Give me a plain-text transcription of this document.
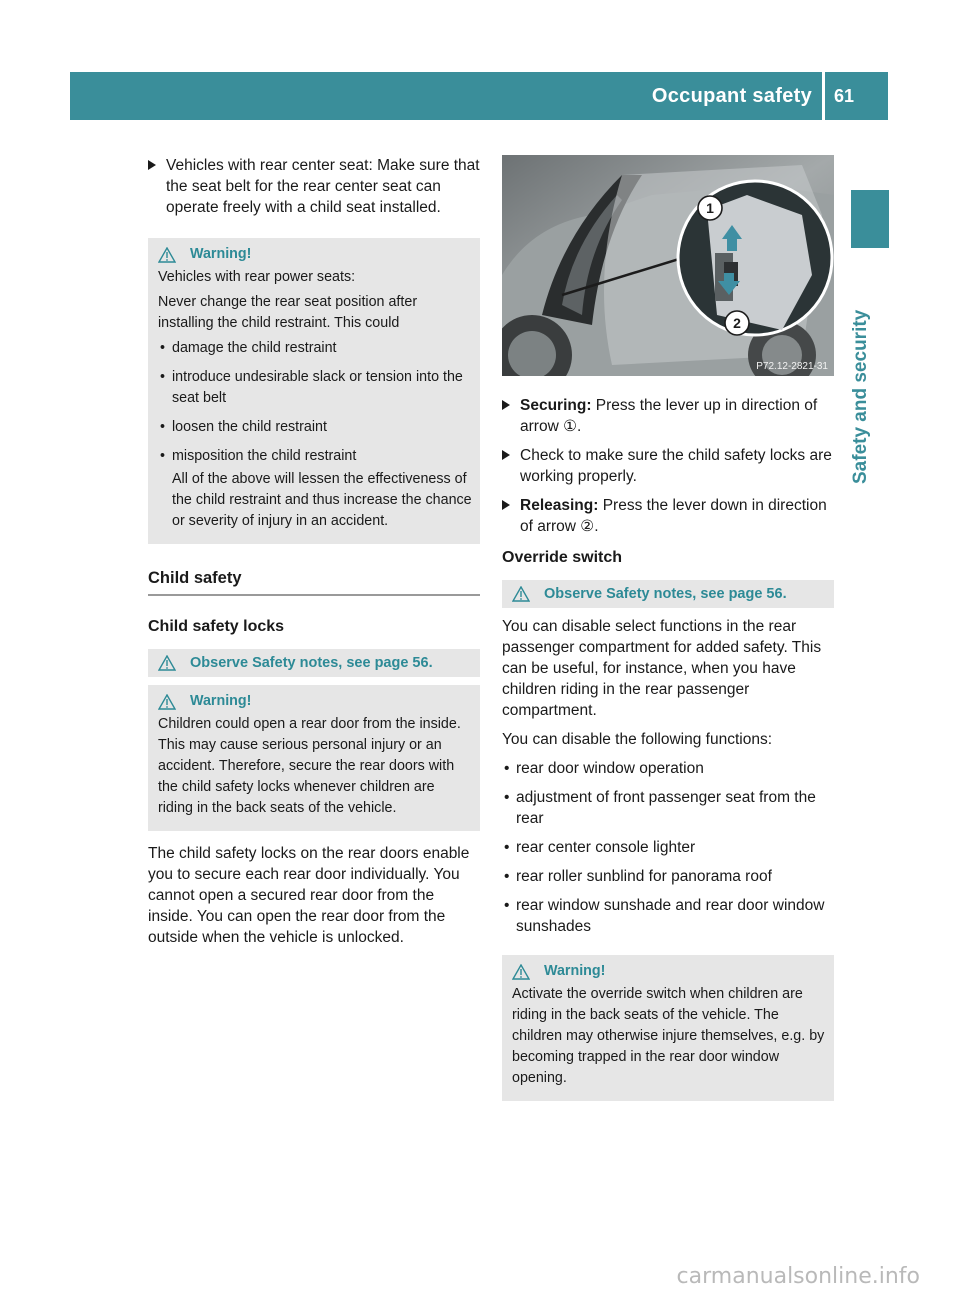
Occupant safety	61
Safety and security
Vehicles with rear center seat: Make sure that the seat belt for the rear center seat can operate freely with a child seat installed.
Warning!

Vehicles with rear power seats:

Never change the rear seat position after installing the child restraint. This could

• damage the child restraint
• introduce undesirable slack or tension into the seat belt
• loosen the child restraint
• misposition the child restraint

All of the above will lessen the effectiveness of the child restraint and thus increase the chance or severity of injury in an accident.

Child safety
Child safety locks
Observe Safety notes, see page 56.
Warning!

Children could open a rear door from the inside. This may cause serious personal injury or an accident. Therefore, secure the rear doors with the child safety locks whenever children are riding in the back seats of the vehicle.

The child safety locks on the rear doors enable you to secure each rear door individually. You cannot open a secured rear door from the inside. You can open the rear door from the outside when the vehicle is unlocked.

1
2
P72.12-2821-31
Securing: Press the lever up in direction of arrow ①.
Check to make sure the child safety locks are working properly.
Releasing: Press the lever down in direction of arrow ②.
Override switch
Observe Safety notes, see page 56.

You can disable select functions in the rear passenger compartment for added safety. This can be useful, for instance, when you have children riding in the rear passenger compartment.

You can disable the following functions:

• rear door window operation
• adjustment of front passenger seat from the rear
• rear center console lighter
• rear roller sunblind for panorama roof
• rear window sunshade and rear door window sunshades
Warning!

Activate the override switch when children are riding in the back seats of the vehicle. The children may otherwise injure themselves, e.g. by becoming trapped in the rear door window opening.

carmanualsonline.info
